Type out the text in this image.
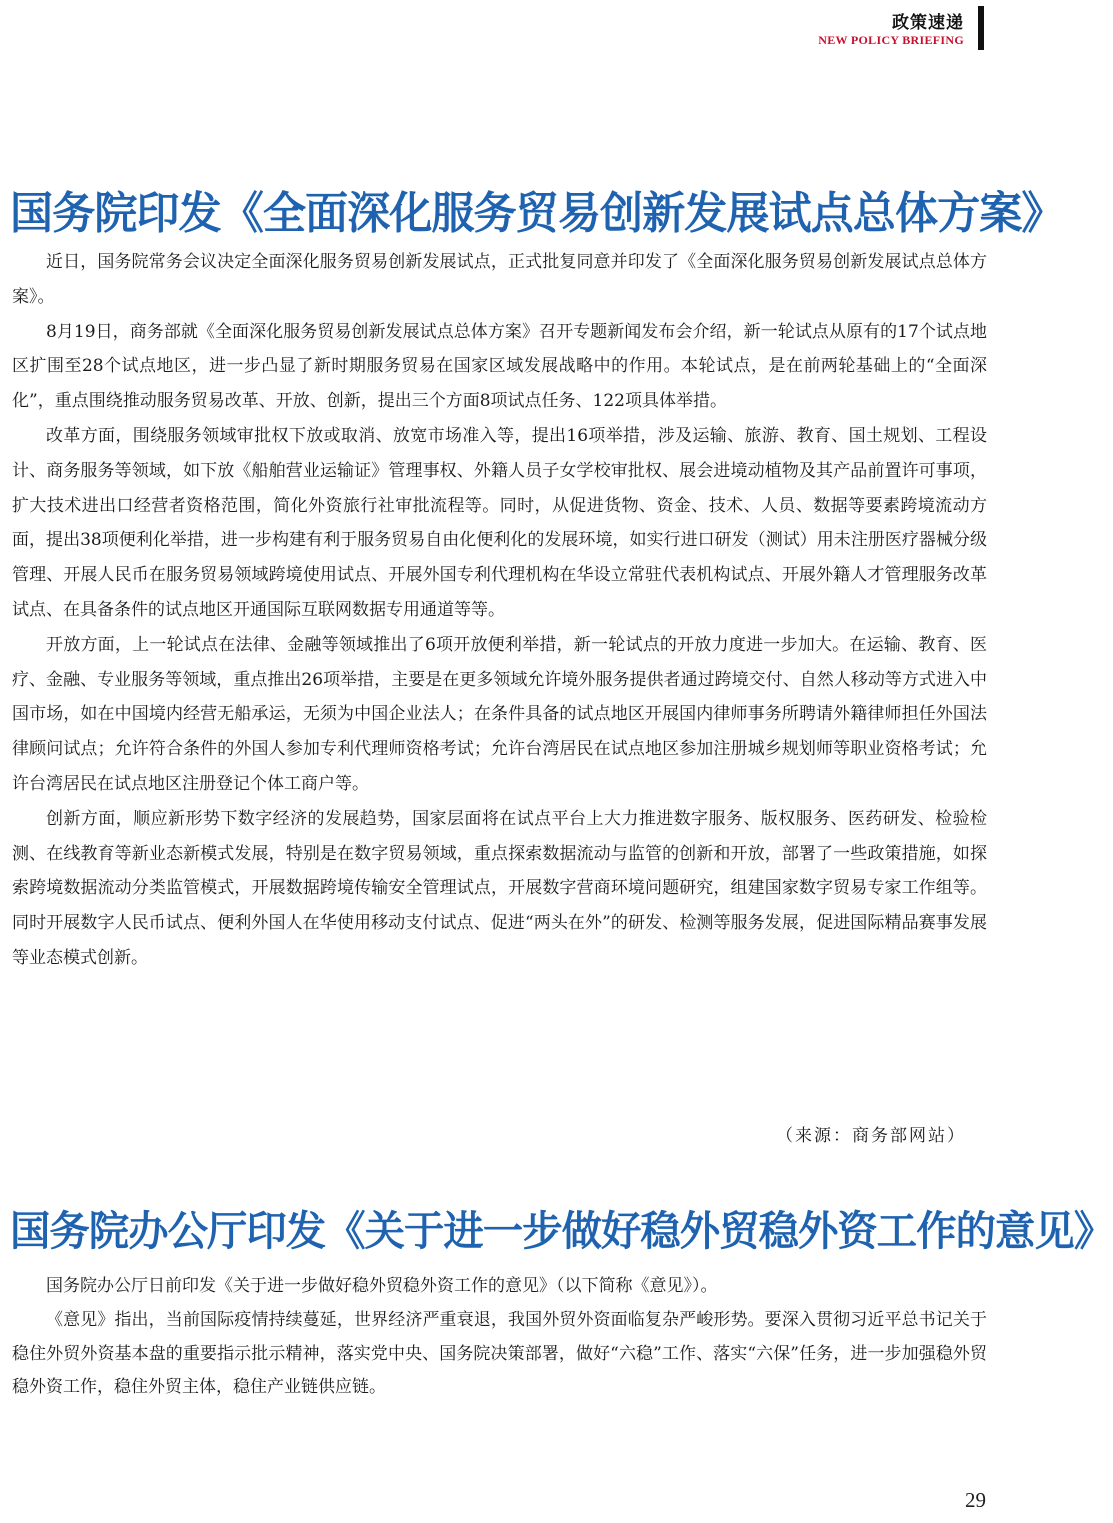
政策速递
NEW POLICY BRIEFING
国务院印发《全面深化服务贸易创新发展试点总体方案》

近日，国务院常务会议决定全面深化服务贸易创新发展试点，正式批复同意并印发了《全面深化服务贸易创新发展试点总体方案》。

8月19日，商务部就《全面深化服务贸易创新发展试点总体方案》召开专题新闻发布会介绍，新一轮试点从原有的17个试点地区扩围至28个试点地区，进一步凸显了新时期服务贸易在国家区域发展战略中的作用。本轮试点，是在前两轮基础上的“全面深化”，重点围绕推动服务贸易改革、开放、创新，提出三个方面8项试点任务、122项具体举措。

改革方面，围绕服务领域审批权下放或取消、放宽市场准入等，提出16项举措，涉及运输、旅游、教育、国土规划、工程设计、商务服务等领域，如下放《船舶营业运输证》管理事权、外籍人员子女学校审批权、展会进境动植物及其产品前置许可事项，扩大技术进出口经营者资格范围，简化外资旅行社审批流程等。同时，从促进货物、资金、技术、人员、数据等要素跨境流动方面，提出38项便利化举措，进一步构建有利于服务贸易自由化便利化的发展环境，如实行进口研发（测试）用未注册医疗器械分级管理、开展人民币在服务贸易领域跨境使用试点、开展外国专利代理机构在华设立常驻代表机构试点、开展外籍人才管理服务改革试点、在具备条件的试点地区开通国际互联网数据专用通道等等。

开放方面，上一轮试点在法律、金融等领域推出了6项开放便利举措，新一轮试点的开放力度进一步加大。在运输、教育、医疗、金融、专业服务等领域，重点推出26项举措，主要是在更多领域允许境外服务提供者通过跨境交付、自然人移动等方式进入中国市场，如在中国境内经营无船承运，无须为中国企业法人；在条件具备的试点地区开展国内律师事务所聘请外籍律师担任外国法律顾问试点；允许符合条件的外国人参加专利代理师资格考试；允许台湾居民在试点地区参加注册城乡规划师等职业资格考试；允许台湾居民在试点地区注册登记个体工商户等。

创新方面，顺应新形势下数字经济的发展趋势，国家层面将在试点平台上大力推进数字服务、版权服务、医药研发、检验检测、在线教育等新业态新模式发展，特别是在数字贸易领域，重点探索数据流动与监管的创新和开放，部署了一些政策措施，如探索跨境数据流动分类监管模式，开展数据跨境传输安全管理试点，开展数字营商环境问题研究，组建国家数字贸易专家工作组等。同时开展数字人民币试点、便利外国人在华使用移动支付试点、促进“两头在外”的研发、检测等服务发展，促进国际精品赛事发展等业态模式创新。

（来源：商务部网站）
国务院办公厅印发《关于进一步做好稳外贸稳外资工作的意见》

国务院办公厅日前印发《关于进一步做好稳外贸稳外资工作的意见》（以下简称《意见》）。

《意见》指出，当前国际疫情持续蔓延，世界经济严重衰退，我国外贸外资面临复杂严峻形势。要深入贯彻习近平总书记关于稳住外贸外资基本盘的重要指示批示精神，落实党中央、国务院决策部署，做好“六稳”工作、落实“六保”任务，进一步加强稳外贸稳外资工作，稳住外贸主体，稳住产业链供应链。

29
